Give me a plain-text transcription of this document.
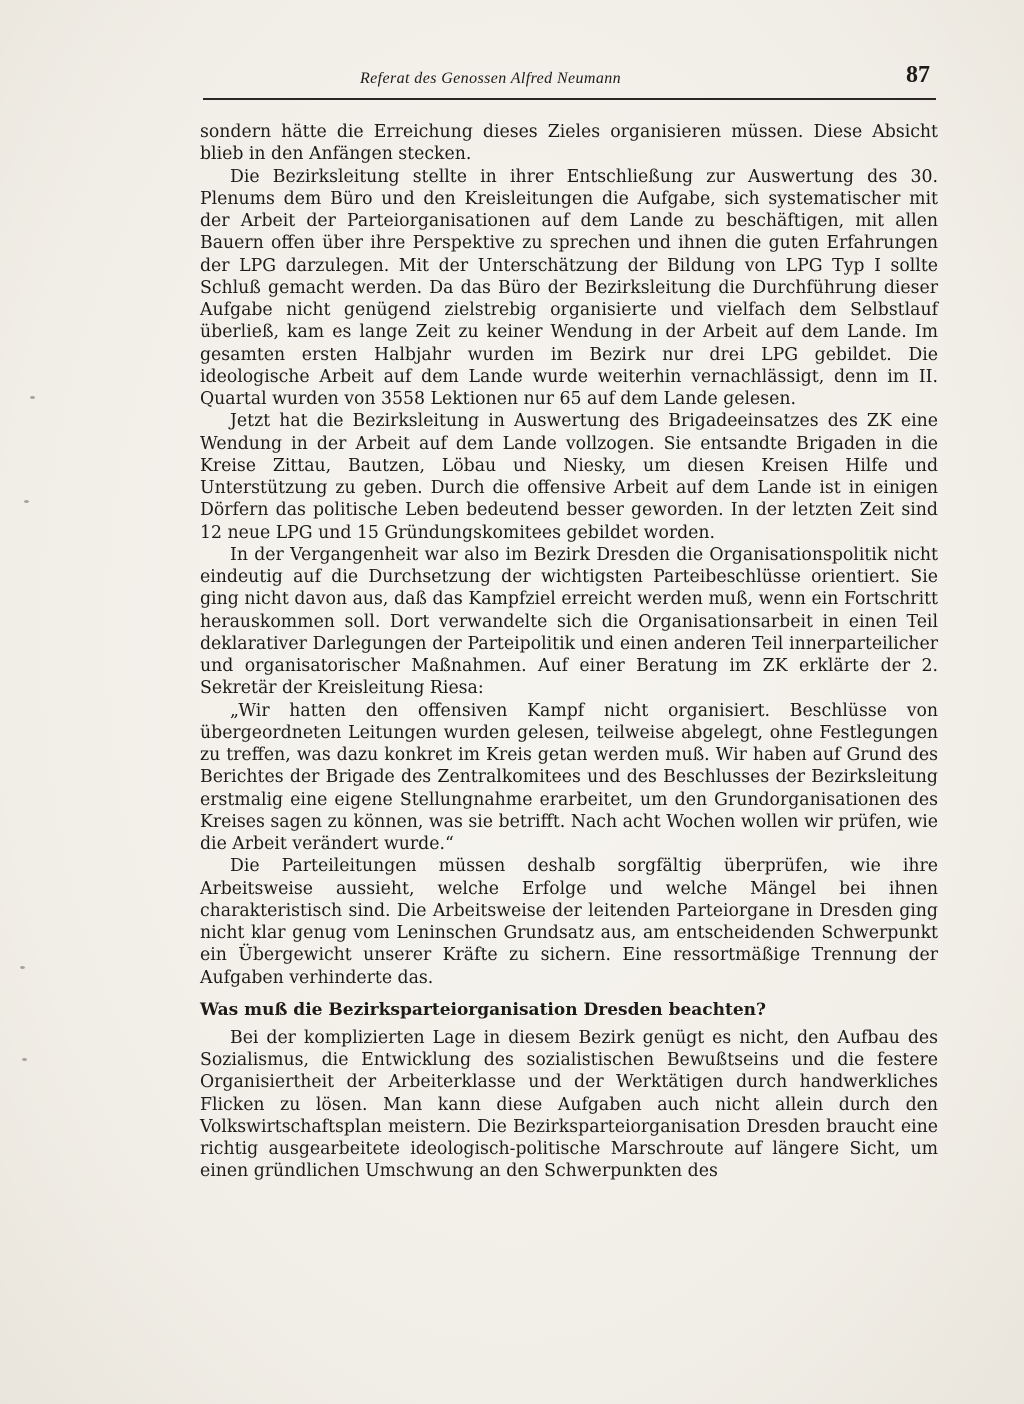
Referat des Genossen Alfred Neumann	87

sondern hätte die Erreichung dieses Zieles organisieren müssen. Diese Absicht blieb in den Anfängen stecken.

Die Bezirksleitung stellte in ihrer Entschließung zur Auswertung des 30. Plenums dem Büro und den Kreisleitungen die Aufgabe, sich systematischer mit der Arbeit der Parteiorganisationen auf dem Lande zu beschäftigen, mit allen Bauern offen über ihre Perspektive zu sprechen und ihnen die guten Erfahrungen der LPG darzulegen. Mit der Unterschätzung der Bildung von LPG Typ I sollte Schluß gemacht werden. Da das Büro der Bezirksleitung die Durchführung dieser Aufgabe nicht genügend zielstrebig organisierte und vielfach dem Selbstlauf überließ, kam es lange Zeit zu keiner Wendung in der Arbeit auf dem Lande. Im gesamten ersten Halbjahr wurden im Bezirk nur drei LPG gebildet. Die ideologische Arbeit auf dem Lande wurde weiterhin vernachlässigt, denn im II. Quartal wurden von 3558 Lektionen nur 65 auf dem Lande gelesen.

Jetzt hat die Bezirksleitung in Auswertung des Brigadeeinsatzes des ZK eine Wendung in der Arbeit auf dem Lande vollzogen. Sie entsandte Brigaden in die Kreise Zittau, Bautzen, Löbau und Niesky, um diesen Kreisen Hilfe und Unterstützung zu geben. Durch die offensive Arbeit auf dem Lande ist in einigen Dörfern das politische Leben bedeutend besser geworden. In der letzten Zeit sind 12 neue LPG und 15 Gründungskomitees gebildet worden.

In der Vergangenheit war also im Bezirk Dresden die Organisationspolitik nicht eindeutig auf die Durchsetzung der wichtigsten Parteibeschlüsse orientiert. Sie ging nicht davon aus, daß das Kampfziel erreicht werden muß, wenn ein Fortschritt herauskommen soll. Dort verwandelte sich die Organisationsarbeit in einen Teil deklarativer Darlegungen der Parteipolitik und einen anderen Teil innerparteilicher und organisatorischer Maßnahmen. Auf einer Beratung im ZK erklärte der 2. Sekretär der Kreisleitung Riesa:

„Wir hatten den offensiven Kampf nicht organisiert. Beschlüsse von übergeordneten Leitungen wurden gelesen, teilweise abgelegt, ohne Festlegungen zu treffen, was dazu konkret im Kreis getan werden muß. Wir haben auf Grund des Berichtes der Brigade des Zentralkomitees und des Beschlusses der Bezirksleitung erstmalig eine eigene Stellungnahme erarbeitet, um den Grundorganisationen des Kreises sagen zu können, was sie betrifft. Nach acht Wochen wollen wir prüfen, wie die Arbeit verändert wurde.“

Die Parteileitungen müssen deshalb sorgfältig überprüfen, wie ihre Arbeitsweise aussieht, welche Erfolge und welche Mängel bei ihnen charakteristisch sind. Die Arbeitsweise der leitenden Parteiorgane in Dresden ging nicht klar genug vom Leninschen Grundsatz aus, am entscheidenden Schwerpunkt ein Übergewicht unserer Kräfte zu sichern. Eine ressortmäßige Trennung der Aufgaben verhinderte das.

Was muß die Bezirksparteiorganisation Dresden beachten?

Bei der komplizierten Lage in diesem Bezirk genügt es nicht, den Aufbau des Sozialismus, die Entwicklung des sozialistischen Bewußtseins und die festere Organisiertheit der Arbeiterklasse und der Werktätigen durch handwerkliches Flicken zu lösen. Man kann diese Aufgaben auch nicht allein durch den Volkswirtschaftsplan meistern. Die Bezirksparteiorganisation Dresden braucht eine richtig ausgearbeitete ideologisch-politische Marschroute auf längere Sicht, um einen gründlichen Umschwung an den Schwerpunkten des
